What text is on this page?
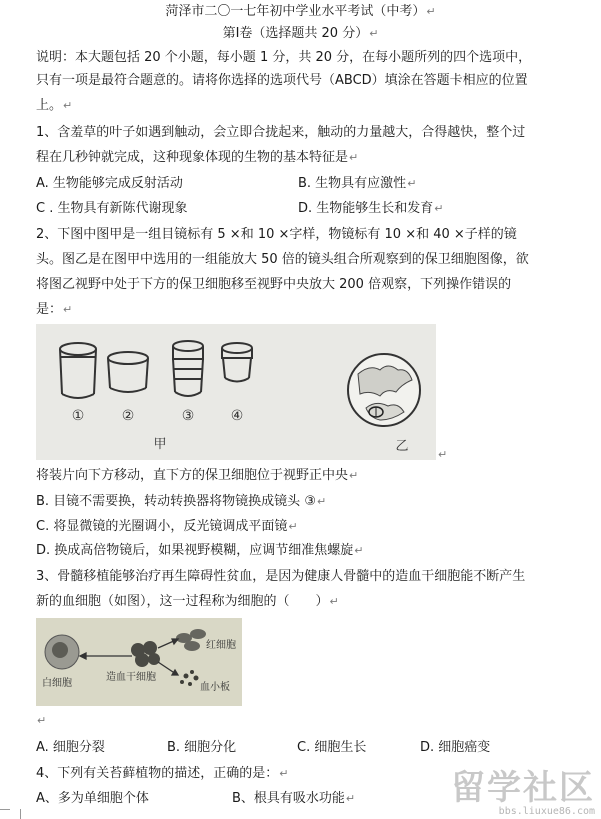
菏泽市二〇一七年初中学业水平考试（中考）↵
第Ⅰ卷（选择题共 20 分）↵
说明：本大题包括 20 个小题，每小题 1 分，共 20 分，在每小题所列的四个选项中，
只有一项是最符合题意的。请将你选择的选项代号（ABCD）填涂在答题卡相应的位置
上。↵
1、含羞草的叶子如遇到触动，会立即合拢起来，触动的力量越大，合得越快，整个过
程在几秒钟就完成，这种现象体现的生物的基本特征是↵
A. 生物能够完成反射活动	B. 生物具有应激性↵
C . 生物具有新陈代谢现象	D. 生物能够生长和发育↵
2、下图中图甲是一组目镜标有 5 ×和 10 ×字样，物镜标有 10 ×和 40 ×子样的镜
头。图乙是在图甲中选用的一组能放大 50 倍的镜头组合所观察到的保卫细胞图像，欲
将图乙视野中处于下方的保卫细胞移至视野中央放大 200 倍观察，下列操作错误的
是：↵
①	②	③	④
甲	乙
↵
将装片向下方移动，直下方的保卫细胞位于视野正中央↵
B. 目镜不需要换，转动转换器将物镜换成镜头 ③↵
C. 将显微镜的光圈调小，反光镜调成平面镜↵
D. 换成高倍物镜后，如果视野模糊，应调节细准焦螺旋↵
3、骨髓移植能够治疗再生障碍性贫血，是因为健康人骨髓中的造血干细胞能不断产生
新的血细胞（如图），这一过程称为细胞的（　　）↵
白细胞
造血干细胞
红细胞
血小板
↵
A. 细胞分裂	B. 细胞分化	C. 细胞生长	D. 细胞癌变
4、下列有关苔藓植物的描述，正确的是：↵
A、多为单细胞个体	B、根具有吸水功能↵	留学社区
bbs.liuxue86.com
